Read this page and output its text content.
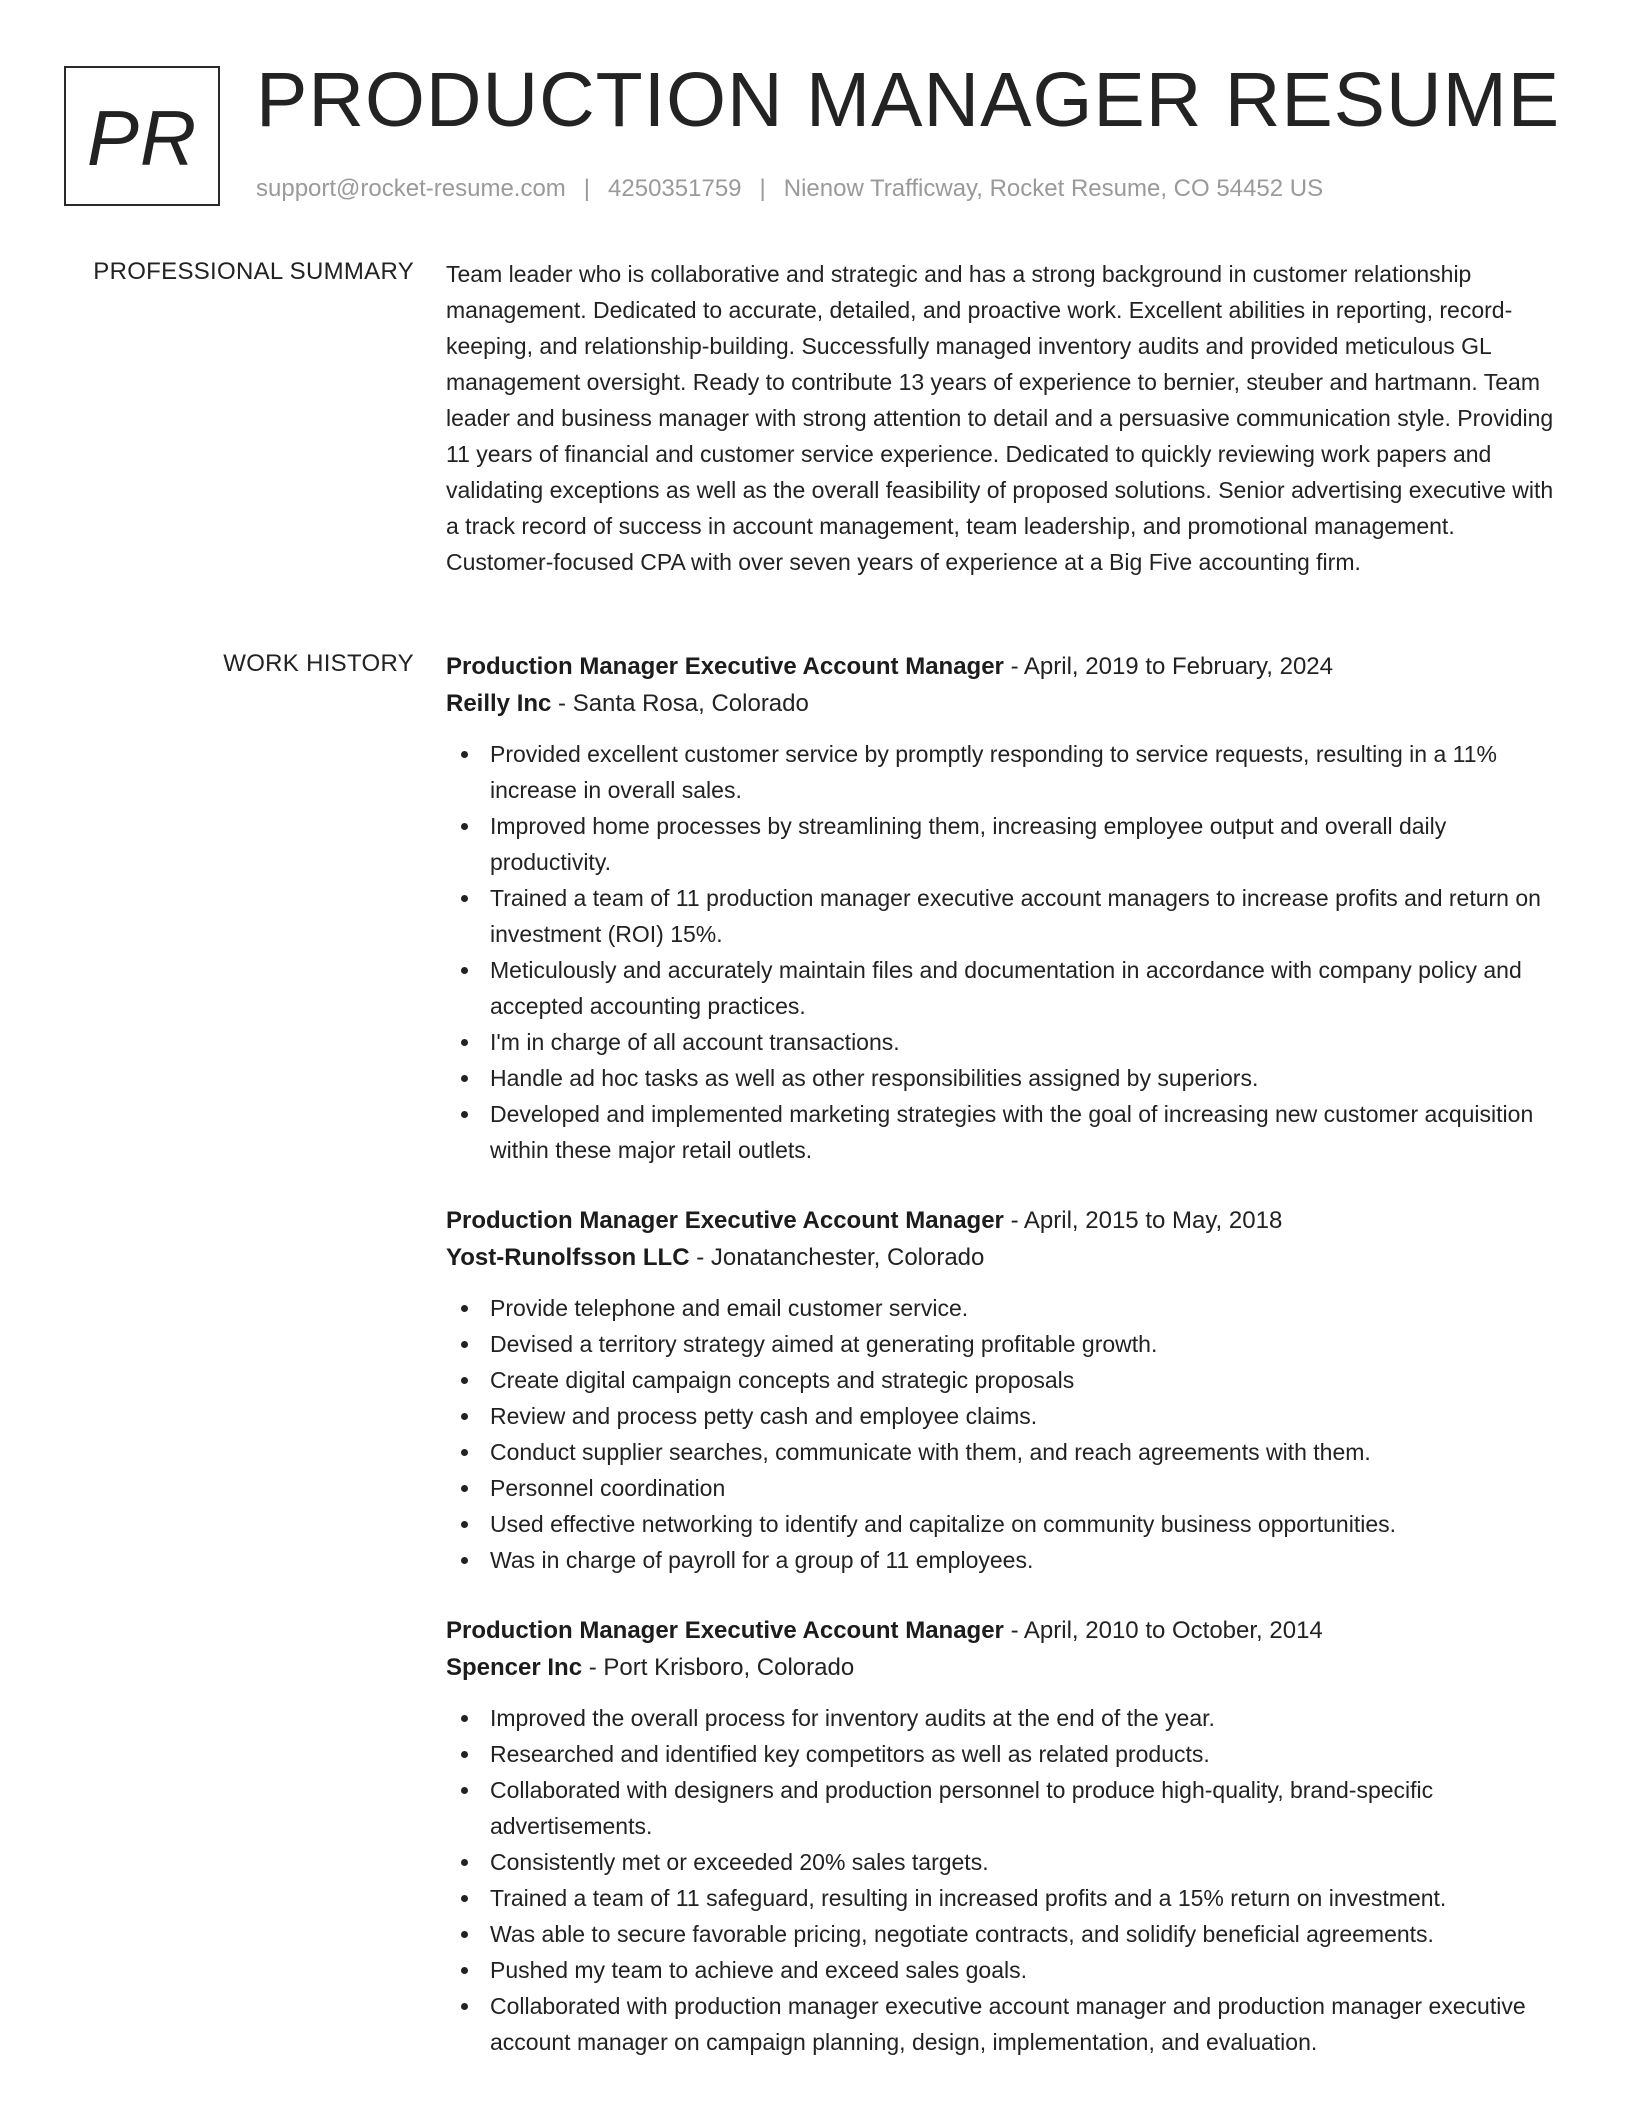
PR PRODUCTION MANAGER RESUME
support@rocket-resume.com | 4250351759 | Nienow Trafficway, Rocket Resume, CO 54452 US
PROFESSIONAL SUMMARY Team leader who is collaborative and strategic and has a strong background in customer relationship management. Dedicated to accurate, detailed, and proactive work. Excellent abilities in reporting, record-keeping, and relationship-building. Successfully managed inventory audits and provided meticulous GL management oversight. Ready to contribute 13 years of experience to bernier, steuber and hartmann. Team leader and business manager with strong attention to detail and a persuasive communication style. Providing 11 years of financial and customer service experience. Dedicated to quickly reviewing work papers and validating exceptions as well as the overall feasibility of proposed solutions. Senior advertising executive with a track record of success in account management, team leadership, and promotional management. Customer-focused CPA with over seven years of experience at a Big Five accounting firm.

WORK HISTORY Production Manager Executive Account Manager - April, 2019 to February, 2024
Reilly Inc - Santa Rosa, Colorado
Provided excellent customer service by promptly responding to service requests, resulting in a 11% increase in overall sales.
Improved home processes by streamlining them, increasing employee output and overall daily productivity.
Trained a team of 11 production manager executive account managers to increase profits and return on investment (ROI) 15%.
Meticulously and accurately maintain files and documentation in accordance with company policy and accepted accounting practices.
I'm in charge of all account transactions.
Handle ad hoc tasks as well as other responsibilities assigned by superiors.
Developed and implemented marketing strategies with the goal of increasing new customer acquisition within these major retail outlets.
Production Manager Executive Account Manager - April, 2015 to May, 2018
Yost-Runolfsson LLC - Jonatanchester, Colorado
Provide telephone and email customer service.
Devised a territory strategy aimed at generating profitable growth.
Create digital campaign concepts and strategic proposals
Review and process petty cash and employee claims.
Conduct supplier searches, communicate with them, and reach agreements with them.
Personnel coordination
Used effective networking to identify and capitalize on community business opportunities.
Was in charge of payroll for a group of 11 employees.
Production Manager Executive Account Manager - April, 2010 to October, 2014
Spencer Inc - Port Krisboro, Colorado
Improved the overall process for inventory audits at the end of the year.
Researched and identified key competitors as well as related products.
Collaborated with designers and production personnel to produce high-quality, brand-specific advertisements.
Consistently met or exceeded 20% sales targets.
Trained a team of 11 safeguard, resulting in increased profits and a 15% return on investment.
Was able to secure favorable pricing, negotiate contracts, and solidify beneficial agreements.
Pushed my team to achieve and exceed sales goals.
Collaborated with production manager executive account manager and production manager executive account manager on campaign planning, design, implementation, and evaluation.
